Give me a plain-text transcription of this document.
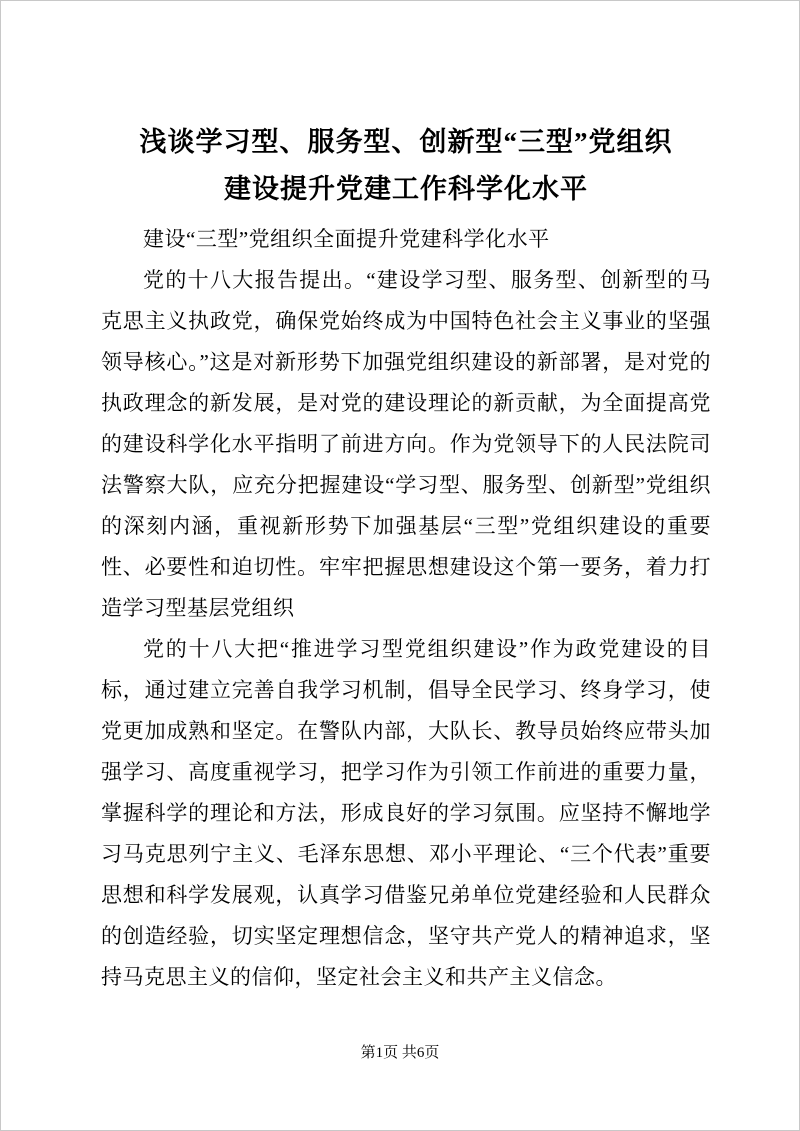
浅谈学习型、服务型、创新型“三型”党组织
建设提升党建工作科学化水平

建设“三型”党组织全面提升党建科学化水平

党的十八大报告提出。“建设学习型、服务型、创新型的马克思主义执政党，确保党始终成为中国特色社会主义事业的坚强领导核心。”这是对新形势下加强党组织建设的新部署，是对党的执政理念的新发展，是对党的建设理论的新贡献，为全面提高党的建设科学化水平指明了前进方向。作为党领导下的人民法院司法警察大队，应充分把握建设“学习型、服务型、创新型”党组织的深刻内涵，重视新形势下加强基层“三型”党组织建设的重要性、必要性和迫切性。牢牢把握思想建设这个第一要务，着力打造学习型基层党组织

党的十八大把“推进学习型党组织建设”作为政党建设的目标，通过建立完善自我学习机制，倡导全民学习、终身学习，使党更加成熟和坚定。在警队内部，大队长、教导员始终应带头加强学习、高度重视学习，把学习作为引领工作前进的重要力量，掌握科学的理论和方法，形成良好的学习氛围。应坚持不懈地学习马克思列宁主义、毛泽东思想、邓小平理论、“三个代表”重要思想和科学发展观，认真学习借鉴兄弟单位党建经验和人民群众的创造经验，切实坚定理想信念，坚守共产党人的精神追求，坚持马克思主义的信仰，坚定社会主义和共产主义信念。

第1页 共6页
